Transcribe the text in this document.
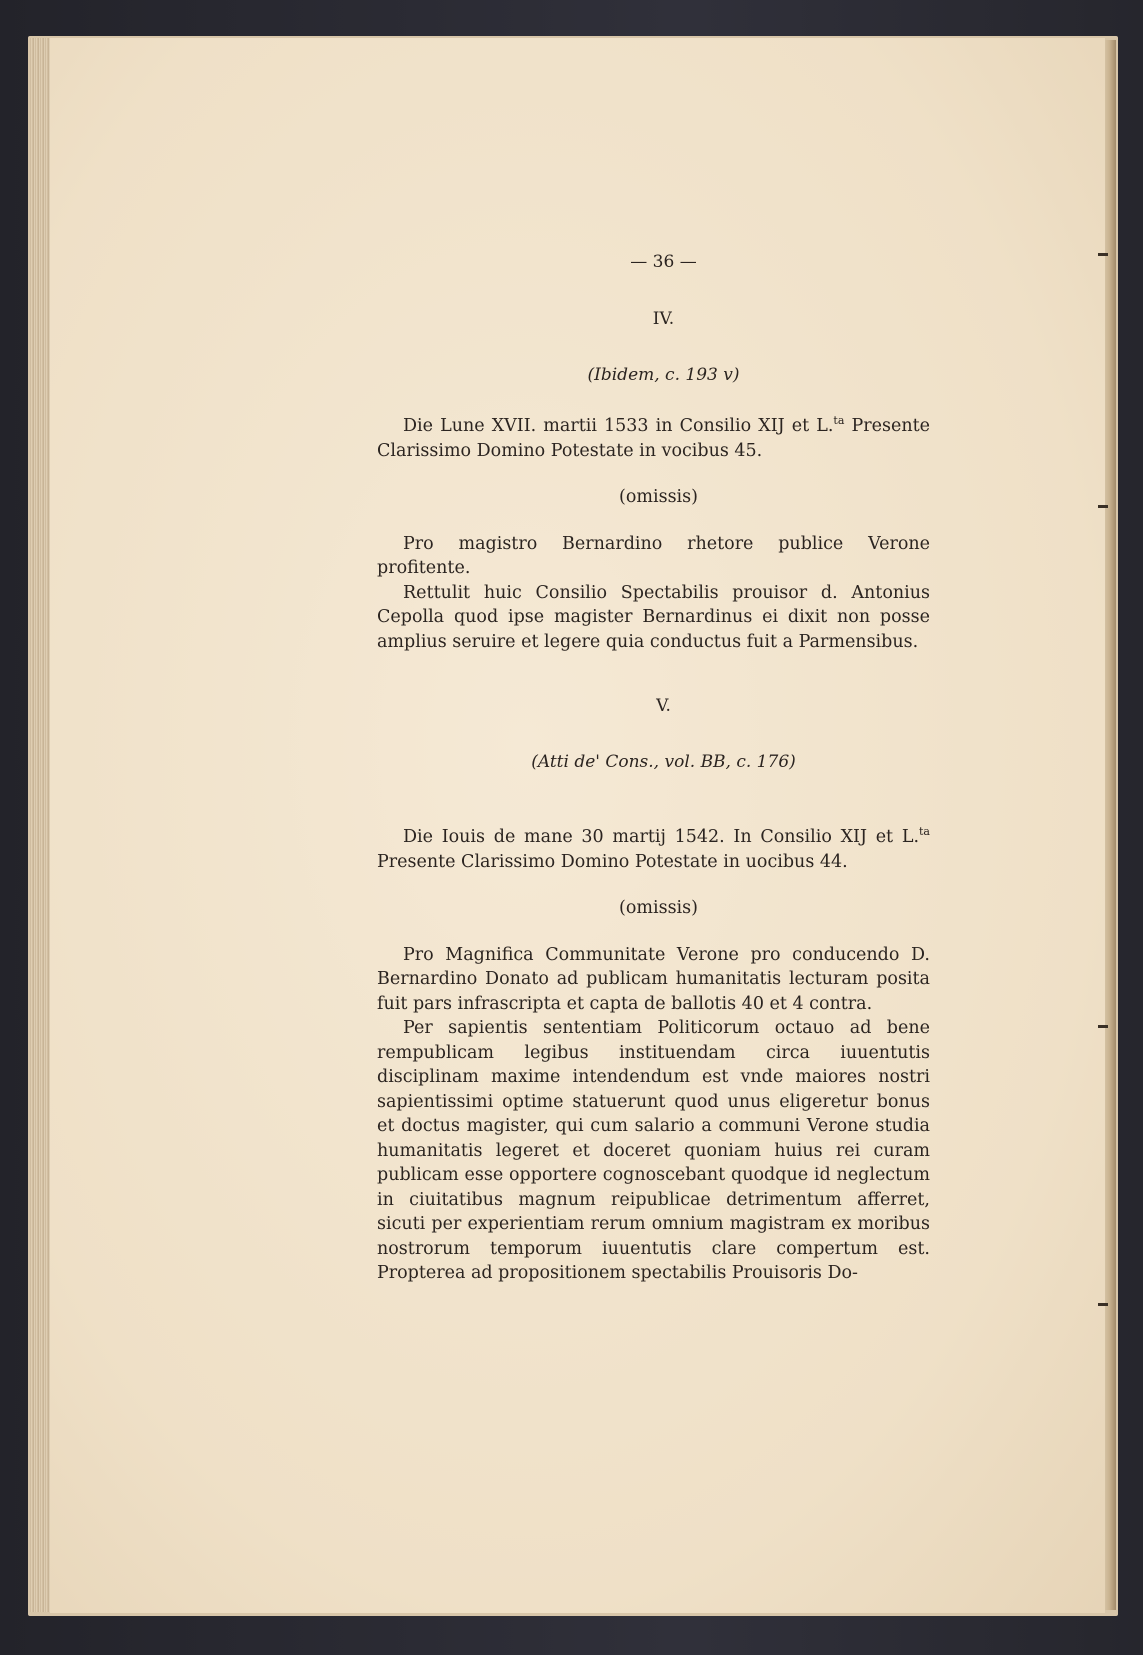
— 36 —
IV.
(Ibidem, c. 193 v)

Die Lune XVII. martii 1533 in Consilio XIJ et L.$^{ta}$ Presente Clarissimo Domino Potestate in vocibus 45.

(omissis)

Pro magistro Bernardino rhetore publice Verone profitente.

Rettulit huic Consilio Spectabilis prouisor d. Antonius Cepolla quod ipse magister Bernardinus ei dixit non posse amplius seruire et legere quia conductus fuit a Parmensibus.

V.
(Atti de' Cons., vol. BB, c. 176)

Die Iouis de mane 30 martij 1542. In Consilio XIJ et L.$^{ta}$ Presente Clarissimo Domino Potestate in uocibus 44.

(omissis)

Pro Magnifica Communitate Verone pro conducendo D. Bernardino Donato ad publicam humanitatis lecturam posita fuit pars infrascripta et capta de ballotis 40 et 4 contra.

Per sapientis sententiam Politicorum octauo ad bene rempublicam legibus instituendam circa iuuentutis disciplinam maxime intendendum est vnde maiores nostri sapientissimi optime statuerunt quod unus eligeretur bonus et doctus magister, qui cum salario a communi Verone studia humanitatis legeret et doceret quoniam huius rei curam publicam esse opportere cognoscebant quodque id neglectum in ciuitatibus magnum reipublicae detrimentum afferret, sicuti per experientiam rerum omnium magistram ex moribus nostrorum temporum iuuentutis clare compertum est. Propterea ad propositionem spectabilis Prouisoris Do-
